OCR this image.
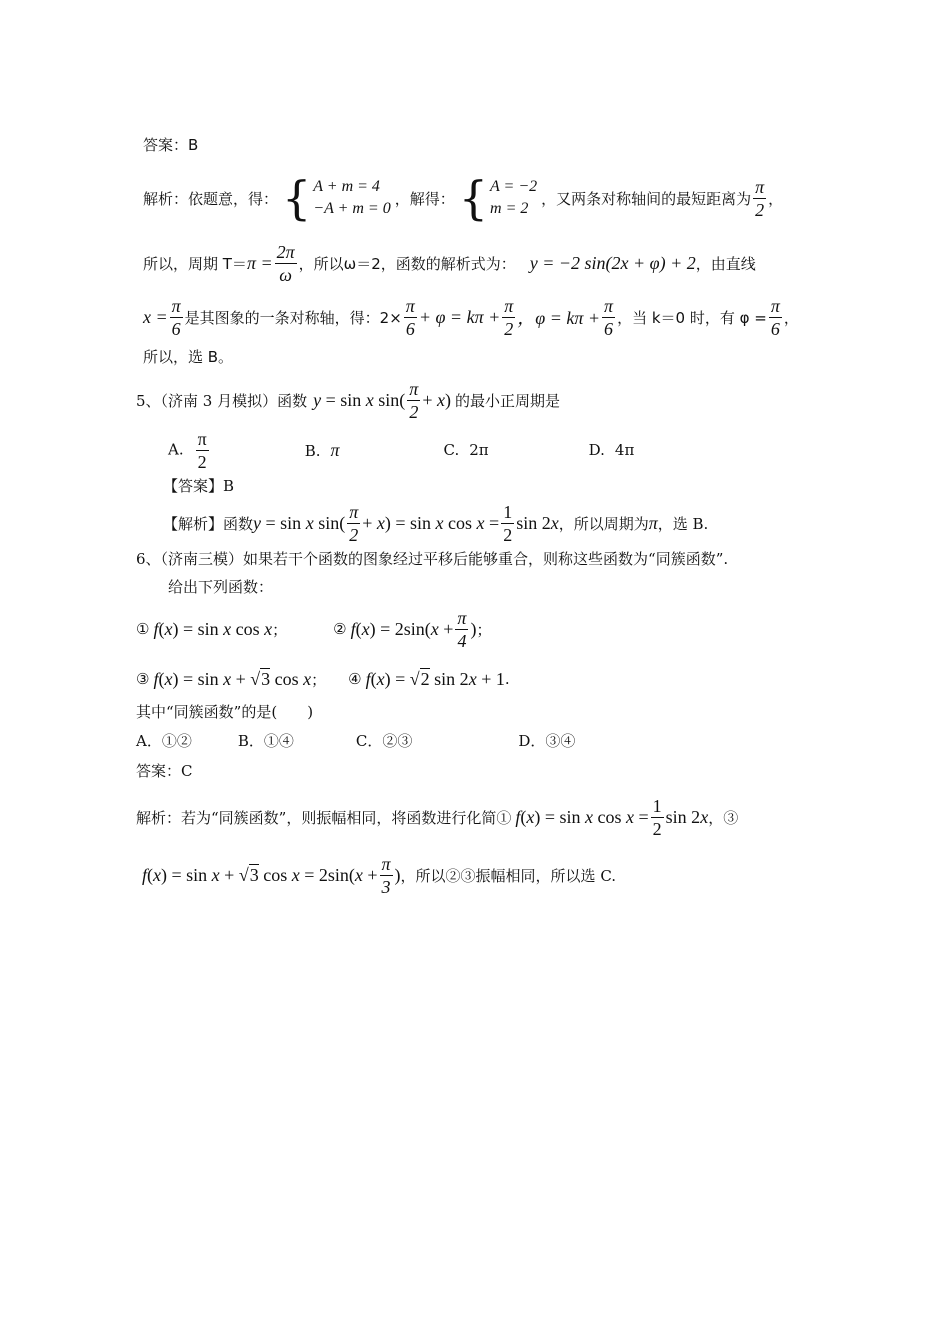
答案：B
解析：依题意，得： { A + m = 4
−A + m = 0
，解得： { A = −2
m = 2
，又两条对称轴间的最短距离为 $\frac{\pi}{2}$ ，
所以，周期 $T= \pi = \frac{2\pi}{\omega}$ ，所以ω＝2，函数的解析式为： y = −2 sin(2x + φ) + 2 ，由直线
$x = \frac{\pi}{6}$ 是其图象的一条对称轴，得：$2\times \frac{\pi}{6} + \varphi = k\pi + \frac{\pi}{2}$ ，$\varphi = k\pi + \frac{\pi}{6}$ ，当 k＝0 时，有 $\varphi = \frac{\pi}{6}$ ，
所以，选 B。
5、（济南 3 月模拟）函数 y = sin x $\sin( \frac{\pi}{2} + x)$ 的最小正周期是
A. $\frac{\pi}{2}$	B. π	C. 2π	D. 4π
【答案】B
【解析】函数 y = sin x $\sin( \frac{\pi}{2} + x) = \sin x$ $\cos x = \frac{1}{2}$ sin 2x ，所以周期为 π ，选 B.
6、（济南三模）如果若干个函数的图象经过平移后能够重合，则称这些函数为“同簇函数”.
给出下列函数：
① f(x) = sin x cos x ；	② $f(x) = 2\sin(x + \frac{\pi}{4}$ ) ；
③ f(x) = sin x + √3 cos x ； ④ f(x) = √2 sin 2x + 1 .
其中“同簇函数”的是(　　)
A．①②	B．①④	C．②③	D．③④
答案：C
解析：若为“同簇函数”，则振幅相同，将函数进行化简① f(x) = sin x $\cos x = \frac{1}{2}$ sin 2x ，③
f(x) = sin x + √3 $\cos x = 2\sin(x + \frac{\pi}{3}$ ) ，所以②③振幅相同，所以选 C.
